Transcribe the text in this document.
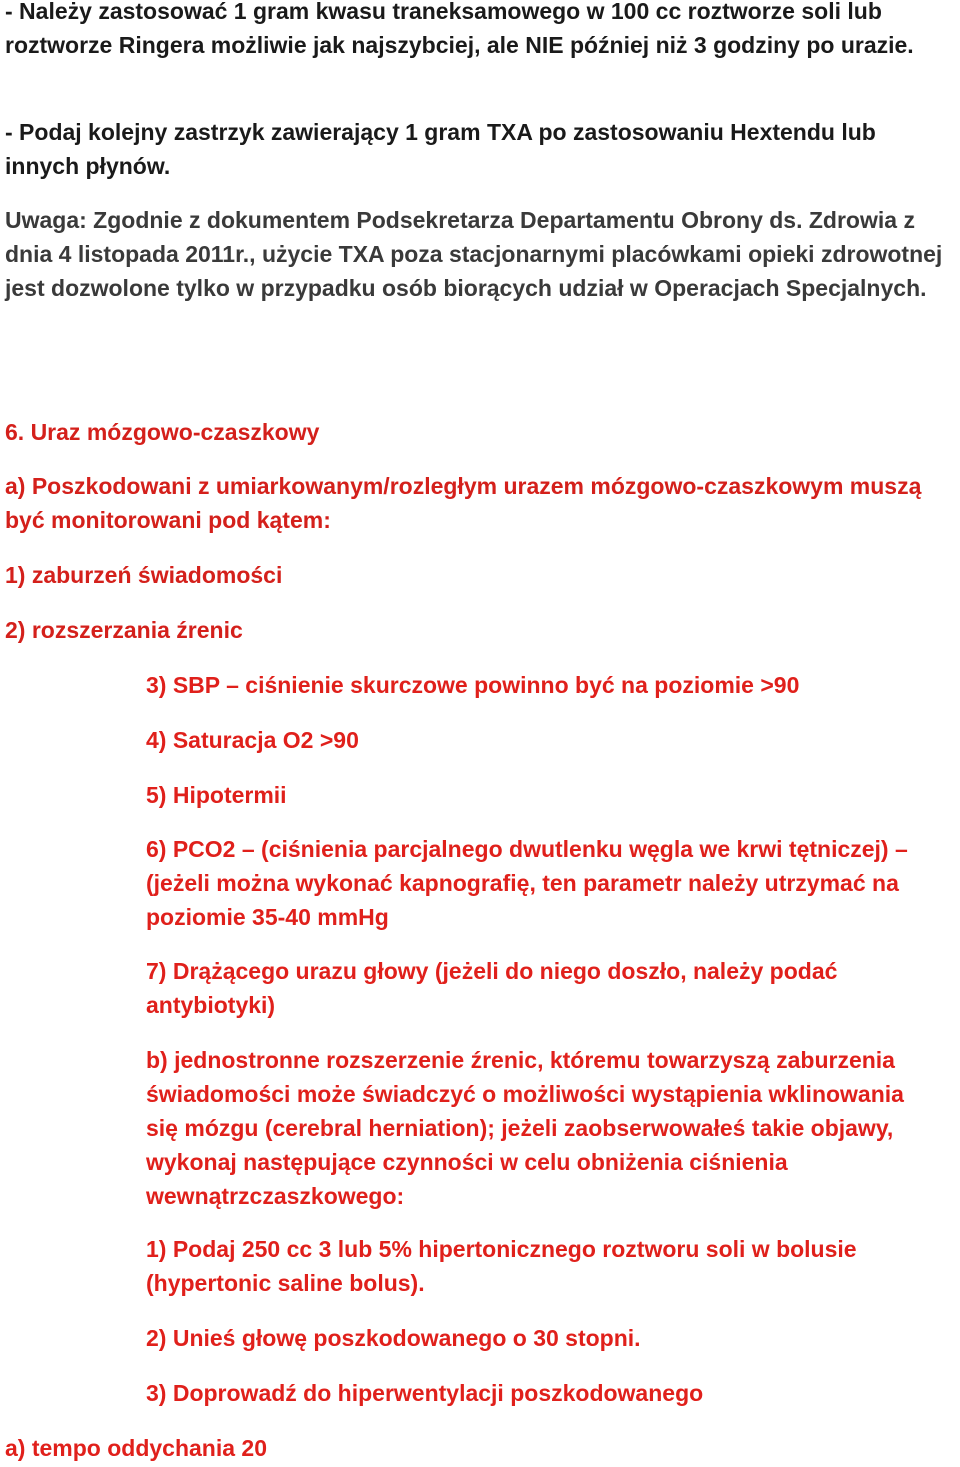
- Należy zastosować 1 gram kwasu traneksamowego w 100 cc roztworze soli lub roztworze Ringera możliwie jak najszybciej, ale NIE później niż 3 godziny po urazie.

- Podaj kolejny zastrzyk zawierający 1 gram TXA po zastosowaniu Hextendu lub innych płynów.

Uwaga: Zgodnie z dokumentem Podsekretarza Departamentu Obrony ds. Zdrowia z dnia 4 listopada 2011r., użycie TXA poza stacjonarnymi placówkami opieki zdrowotnej jest dozwolone tylko w przypadku osób biorących udział w Operacjach Specjalnych.

6. Uraz mózgowo-czaszkowy

a) Poszkodowani z umiarkowanym/rozległym urazem mózgowo-czaszkowym muszą być monitorowani pod kątem:

1) zaburzeń świadomości

2) rozszerzania źrenic

3) SBP – ciśnienie skurczowe powinno być na poziomie >90

4) Saturacja O2 >90

5) Hipotermii

6) PCO2 – (ciśnienia parcjalnego dwutlenku węgla we krwi tętniczej) – (jeżeli można wykonać kapnografię, ten parametr należy utrzymać na poziomie 35-40 mmHg

7) Drążącego urazu głowy (jeżeli do niego doszło, należy podać antybiotyki)

b) jednostronne rozszerzenie źrenic, któremu towarzyszą zaburzenia świadomości może świadczyć o możliwości wystąpienia wklinowania się mózgu (cerebral herniation); jeżeli zaobserwowałeś takie objawy, wykonaj następujące czynności w celu obniżenia ciśnienia wewnątrzczaszkowego:

1) Podaj 250 cc 3 lub 5% hipertonicznego roztworu soli w bolusie (hypertonic saline bolus).

2) Unieś głowę poszkodowanego o 30 stopni.

3) Doprowadź do hiperwentylacji poszkodowanego

a) tempo oddychania 20
